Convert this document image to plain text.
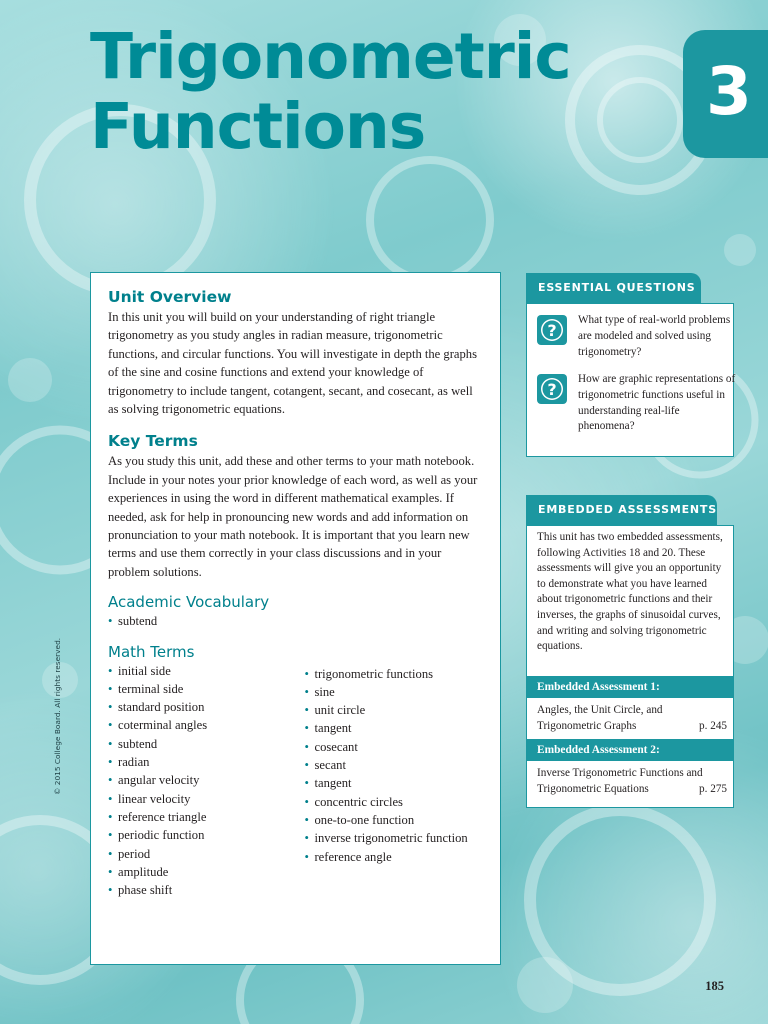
Trigonometric
Functions	3
Unit Overview

In this unit you will build on your understanding of right triangle trigonometry as you study angles in radian measure, trigonometric functions, and circular functions. You will investigate in depth the graphs of the sine and cosine functions and extend your knowledge of trigonometry to include tangent, cotangent, secant, and cosecant, as well as solving trigonometric equations.

Key Terms

As you study this unit, add these and other terms to your math notebook. Include in your notes your prior knowledge of each word, as well as your experiences in using the word in different mathematical examples. If needed, ask for help in pronouncing new words and add information on pronunciation to your math notebook. It is important that you learn new terms and use them correctly in your class discussions and in your problem solutions.

Academic Vocabulary
• subtend
Math Terms
• initial side
• terminal side
• standard position
• coterminal angles
• subtend
• radian
• angular velocity
• linear velocity
• reference triangle
• periodic function
• period
• amplitude
• phase shift
• trigonometric functions
• sine
• unit circle
• tangent
• cosecant
• secant
• tangent
• concentric circles
• one-to-one function
• inverse trigonometric function
• reference angle
ESSENTIAL QUESTIONS
?
What type of real-world problems are modeled and solved using trigonometry?
?
How are graphic representations of trigonometric functions useful in understanding real-life phenomena?
EMBEDDED ASSESSMENTS
This unit has two embedded assessments, following Activities 18 and 20. These assessments will give you an opportunity to demonstrate what you have learned about trigonometric functions and their inverses, the graphs of sinusoidal curves, and writing and solving trigonometric equations.
Embedded Assessment 1:
Angles, the Unit Circle, and Trigonometric Graphs	p. 245
Embedded Assessment 2:
Inverse Trigonometric Functions and Trigonometric Equations	p. 275
© 2015 College Board. All rights reserved.
185
